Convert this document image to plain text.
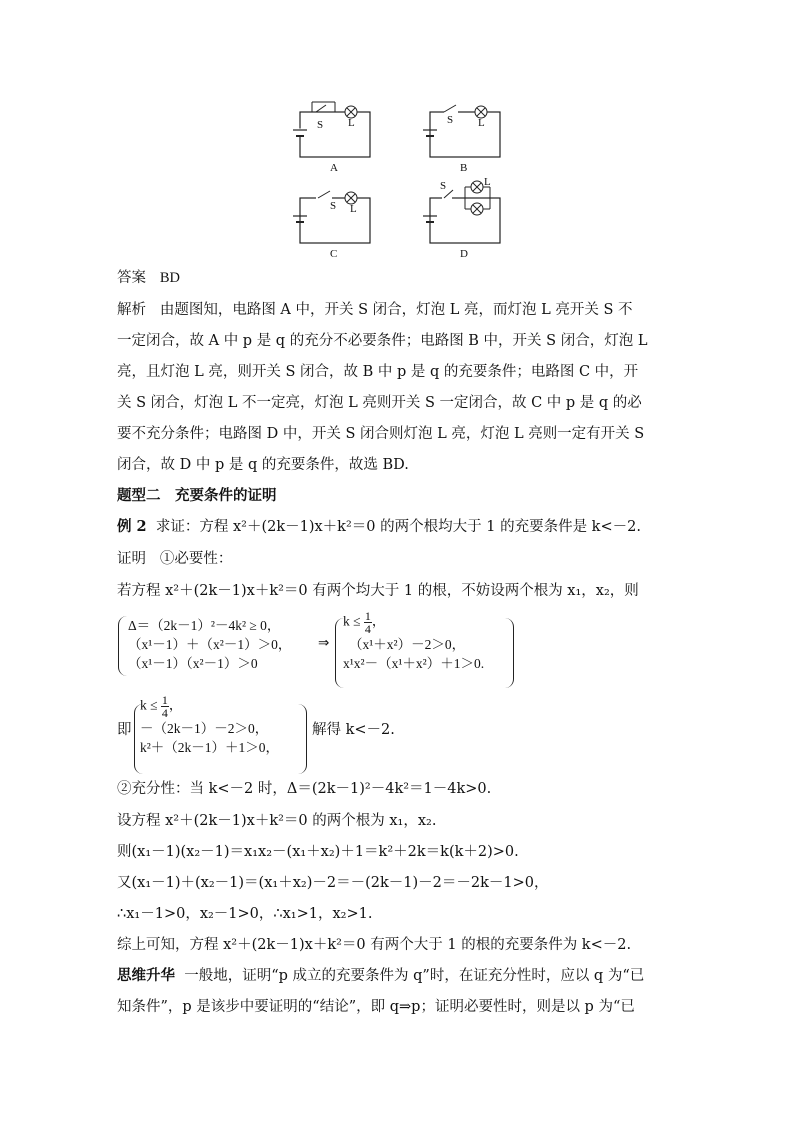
S L
A
S L
B
S L
C
S	L
D
答案 BD
解析 由题图知，电路图 A 中，开关 S 闭合，灯泡 L 亮，而灯泡 L 亮开关 S 不
一定闭合，故 A 中 p 是 q 的充分不必要条件；电路图 B 中，开关 S 闭合，灯泡 L
亮，且灯泡 L 亮，则开关 S 闭合，故 B 中 p 是 q 的充要条件；电路图 C 中，开
关 S 闭合，灯泡 L 不一定亮，灯泡 L 亮则开关 S 一定闭合，故 C 中 p 是 q 的必
要不充分条件；电路图 D 中，开关 S 闭合则灯泡 L 亮，灯泡 L 亮则一定有开关 S
闭合，故 D 中 p 是 q 的充要条件，故选 BD.
题型二　充要条件的证明
例 2 求证：方程 x²＋(2k－1)x＋k²＝0 的两个根均大于 1 的充要条件是 k<－2.
证明 ①必要性：
若方程 x²＋(2k－1)x＋k²＝0 有两个均大于 1 的根，不妨设两个根为 x₁，x₂，则
Δ＝（2k－1）²－4k² ≥ 0，
（x¹－1）＋（x²－1）＞0，
（x¹－1）（x²－1）＞0
⇒
$k \le \frac{1}{4}$ ，
（x¹＋x²）－2＞0，
x¹x²－（x¹＋x²）＋1＞0.
即
$k \le \frac{1}{4}$ ，
－（2k－1）－2＞0，
k²＋（2k－1）＋1＞0，
解得 k<－2.
②充分性：当 k<－2 时，Δ＝(2k－1)²－4k²＝1－4k>0.
设方程 x²＋(2k－1)x＋k²＝0 的两个根为 x₁，x₂.
则(x₁－1)(x₂－1)＝x₁x₂－(x₁＋x₂)＋1＝k²＋2k＝k(k＋2)>0.
又(x₁－1)＋(x₂－1)＝(x₁＋x₂)－2＝－(2k－1)－2＝－2k－1>0，
∴x₁－1>0，x₂－1>0，∴x₁>1，x₂>1.
综上可知，方程 x²＋(2k－1)x＋k²＝0 有两个大于 1 的根的充要条件为 k<－2.
思维升华 一般地，证明“p 成立的充要条件为 q”时，在证充分性时，应以 q 为“已
知条件”，p 是该步中要证明的“结论”，即 q⇒p；证明必要性时，则是以 p 为“已
